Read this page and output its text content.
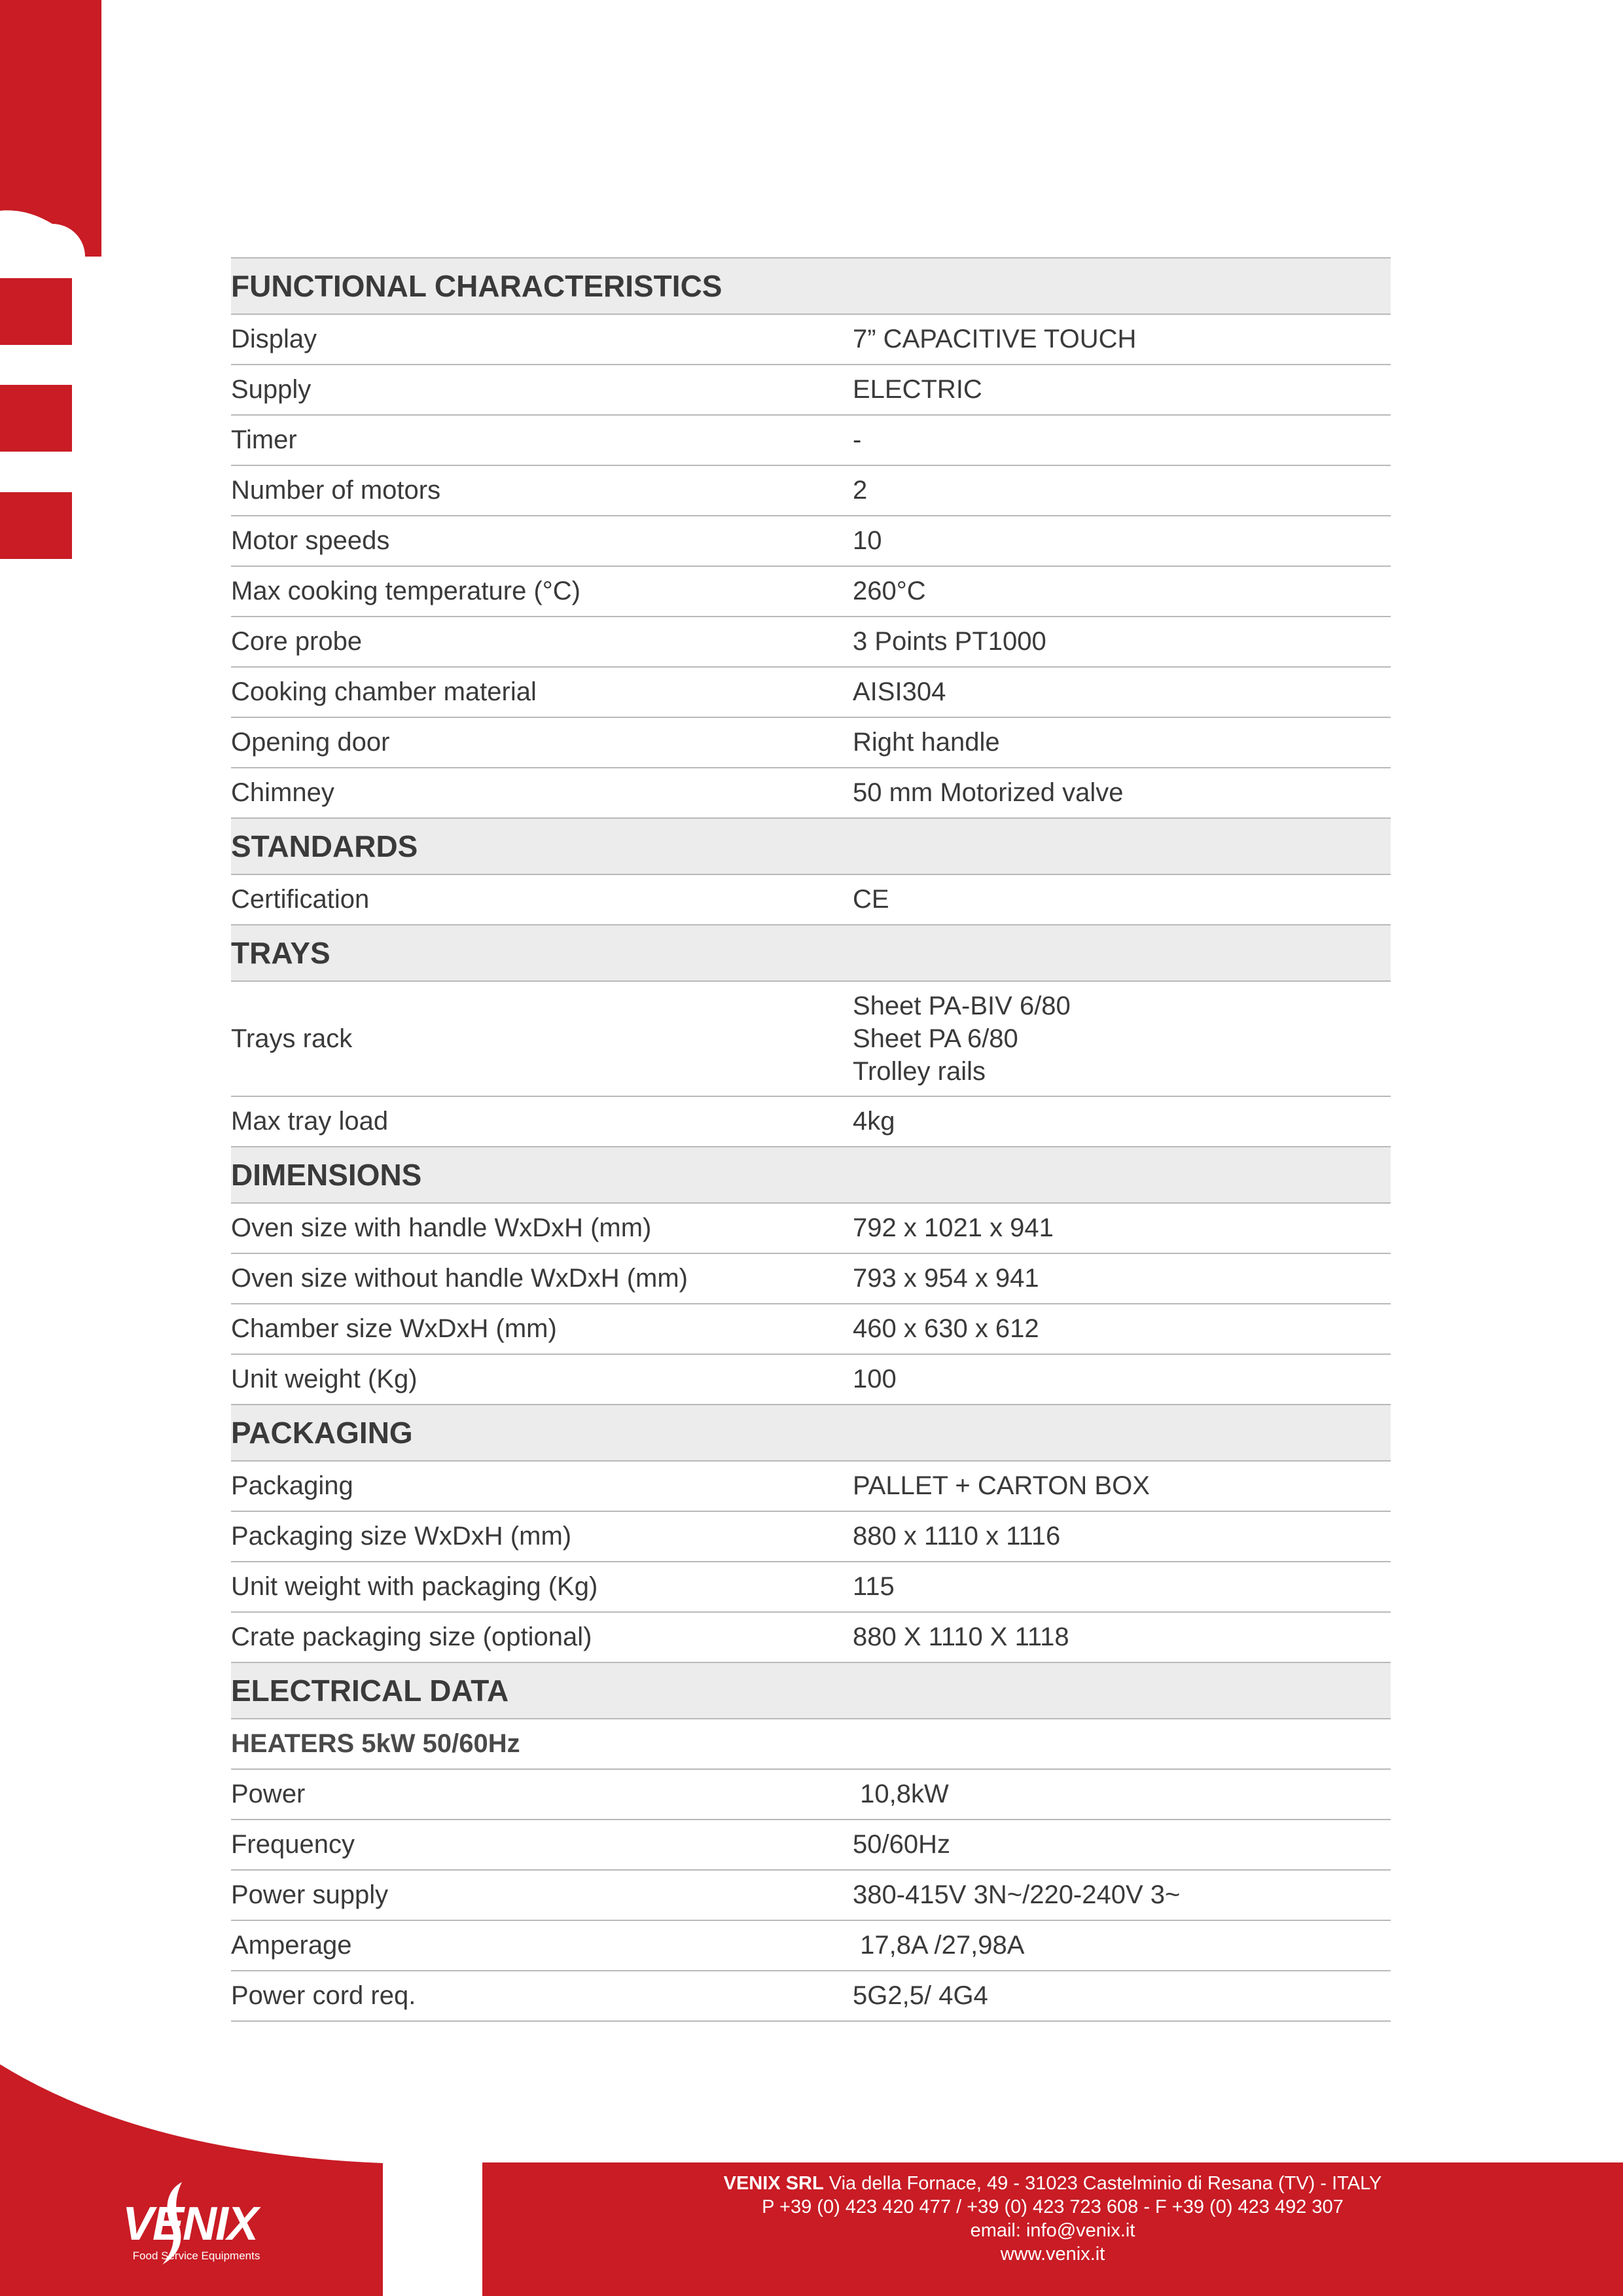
FUNCTIONAL CHARACTERISTICS	
Display	7” CAPACITIVE TOUCH
Supply	ELECTRIC
Timer	-
Number of motors	2
Motor speeds	10
Max cooking temperature (°C)	260°C
Core probe	3 Points PT1000
Cooking chamber material	AISI304
Opening door	Right handle
Chimney	50 mm Motorized valve
STANDARDS	
Certification	CE
TRAYS	
Trays rack	Sheet PA-BIV 6/80
Sheet PA 6/80
Trolley rails

Max tray load	4kg
DIMENSIONS	
Oven size with handle WxDxH (mm)	792 x 1021 x 941
Oven size without handle WxDxH (mm)	793 x 954 x 941
Chamber size WxDxH (mm)	460 x 630 x 612
Unit weight (Kg)	100
PACKAGING	
Packaging	PALLET + CARTON BOX
Packaging size WxDxH (mm)	880 x 1110 x 1116
Unit weight with packaging (Kg)	115
Crate packaging size (optional)	880 X 1110 X 1118
ELECTRICAL DATA	
HEATERS 5kW 50/60Hz	
Power	10,8kW
Frequency	50/60Hz
Power supply	380-415V 3N~/220-240V 3~
Amperage	17,8A /27,98A
Power cord req.	5G2,5/ 4G4
VENIX
Food Service Equipments
VENIX SRL Via della Fornace, 49 - 31023 Castelminio di Resana (TV) - ITALY
P +39 (0) 423 420 477 / +39 (0) 423 723 608 - F +39 (0) 423 492 307
email: info@venix.it
www.venix.it
